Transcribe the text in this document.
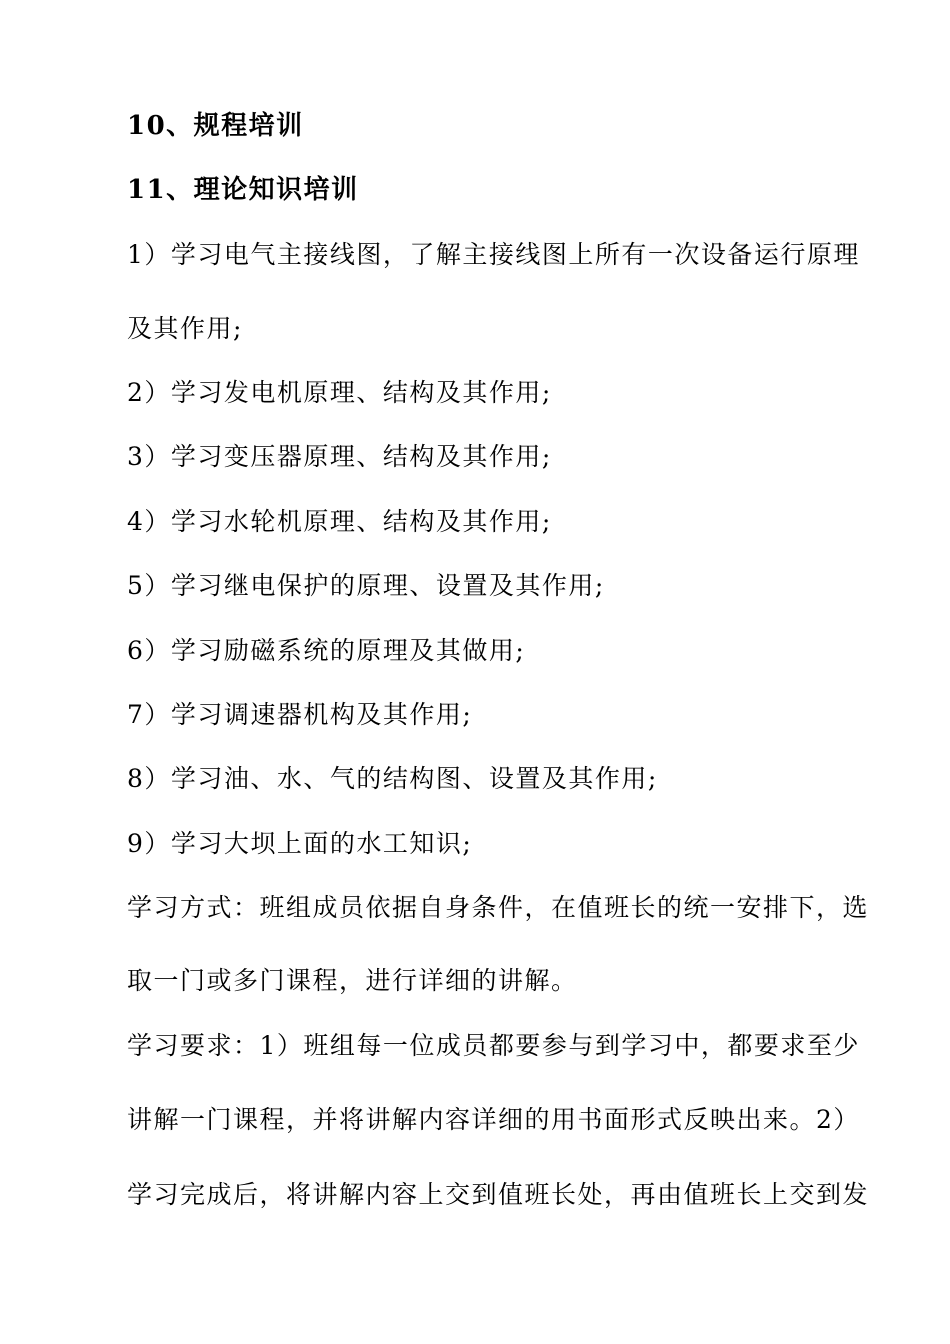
10、规程培训
11、理论知识培训
1）学习电气主接线图，了解主接线图上所有一次设备运行原理
及其作用;
2）学习发电机原理、结构及其作用;
3）学习变压器原理、结构及其作用;
4）学习水轮机原理、结构及其作用;
5）学习继电保护的原理、设置及其作用;
6）学习励磁系统的原理及其做用;
7）学习调速器机构及其作用;
8）学习油、水、气的结构图、设置及其作用;
9）学习大坝上面的水工知识;
学习方式：班组成员依据自身条件，在值班长的统一安排下，选
取一门或多门课程，进行详细的讲解。
学习要求：1）班组每一位成员都要参与到学习中，都要求至少
讲解一门课程，并将讲解内容详细的用书面形式反映出来。2）
学习完成后，将讲解内容上交到值班长处，再由值班长上交到发
